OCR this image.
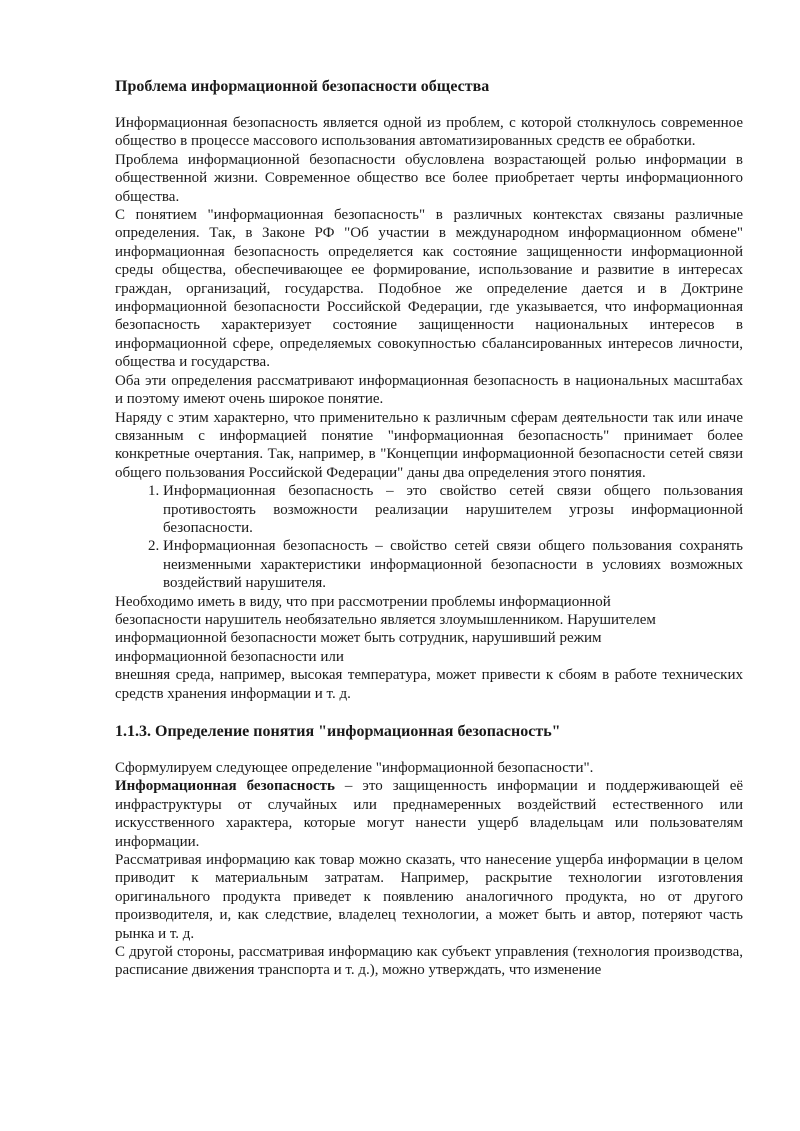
Проблема информационной безопасности общества

Информационная безопасность является одной из проблем, с которой столкнулось современное общество в процессе массового использования автоматизированных средств ее обработки.

Проблема информационной безопасности обусловлена возрастающей ролью информации в общественной жизни. Современное общество все более приобретает черты информационного общества.

С понятием "информационная безопасность" в различных контекстах связаны различные определения. Так, в Законе РФ "Об участии в международном информационном обмене" информационная безопасность определяется как состояние защищенности информационной среды общества, обеспечивающее ее формирование, использование и развитие в интересах граждан, организаций, государства. Подобное же определение дается и в Доктрине информационной безопасности Российской Федерации, где указывается, что информационная безопасность характеризует состояние защищенности национальных интересов в информационной сфере, определяемых совокупностью сбалансированных интересов личности, общества и государства.

Оба эти определения рассматривают информационная безопасность в национальных масштабах и поэтому имеют очень широкое понятие.

Наряду с этим характерно, что применительно к различным сферам деятельности так или иначе связанным с информацией понятие "информационная безопасность" принимает более конкретные очертания. Так, например, в "Концепции информационной безопасности сетей связи общего пользования Российской Федерации" даны два определения этого понятия.

1. Информационная безопасность – это свойство сетей связи общего пользования противостоять возможности реализации нарушителем угрозы информационной безопасности.
2. Информационная безопасность – свойство сетей связи общего пользования сохранять неизменными характеристики информационной безопасности в условиях возможных воздействий нарушителя.

Необходимо иметь в виду, что при рассмотрении проблемы информационной

безопасности нарушитель необязательно является злоумышленником. Нарушителем

информационной безопасности может быть сотрудник, нарушивший режим

информационной безопасности или

внешняя среда, например, высокая температура, может привести к сбоям в работе технических средств хранения информации и т. д.

1.1.3. Определение понятия "информационная безопасность"

Сформулируем следующее определение "информационной безопасности".

Информационная безопасность – это защищенность информации и поддерживающей её инфраструктуры от случайных или преднамеренных воздействий естественного или искусственного характера, которые могут нанести ущерб владельцам или пользователям информации.

Рассматривая информацию как товар можно сказать, что нанесение ущерба информации в целом приводит к материальным затратам. Например, раскрытие технологии изготовления оригинального продукта приведет к появлению аналогичного продукта, но от другого производителя, и, как следствие, владелец технологии, а может быть и автор, потеряют часть рынка и т. д.

С другой стороны, рассматривая информацию как субъект управления (технология производства, расписание движения транспорта и т. д.), можно утверждать, что изменение
